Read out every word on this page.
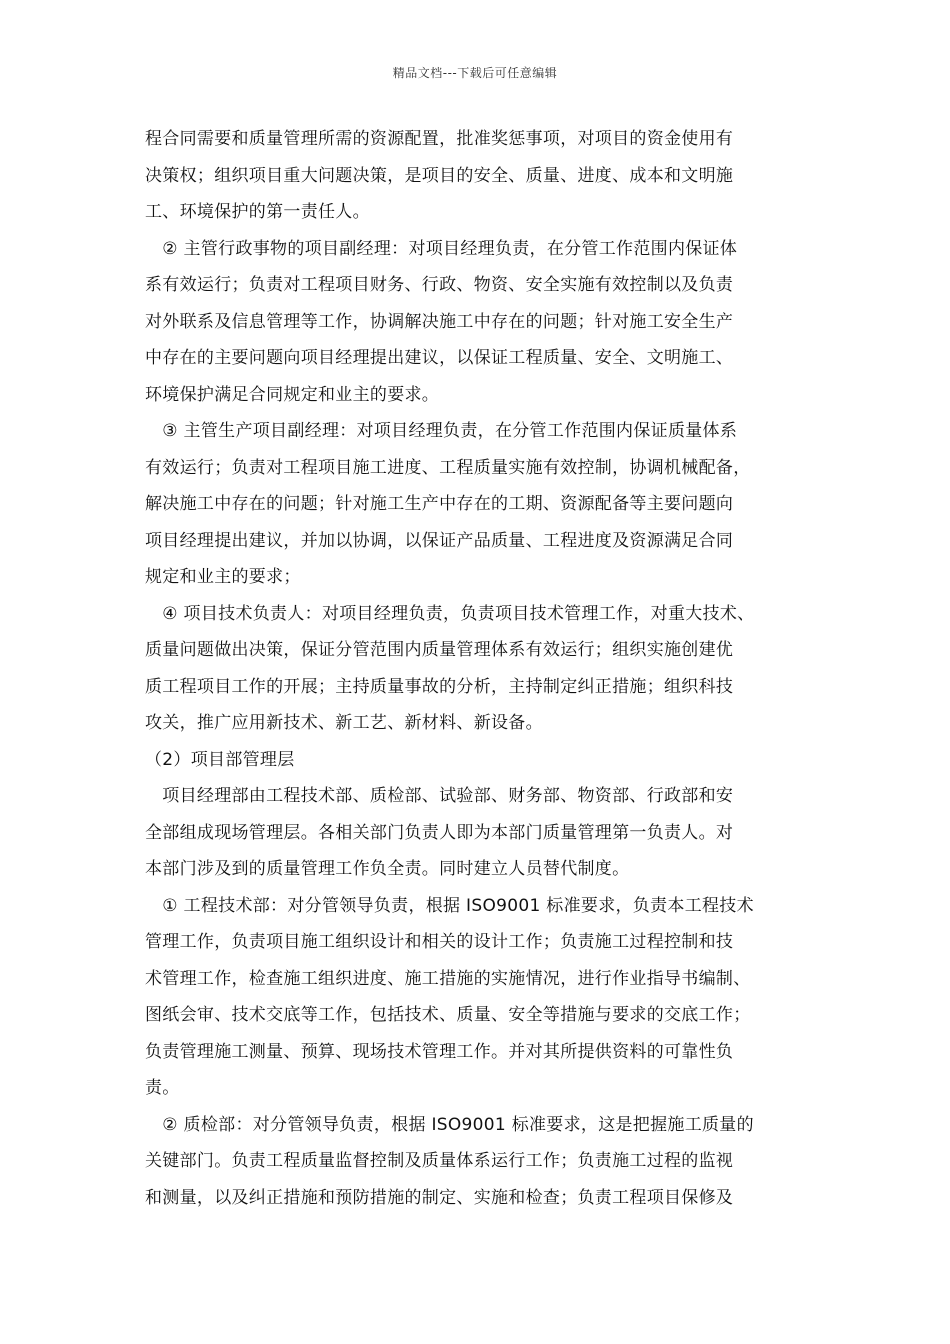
精品文档---下载后可任意编辑
程合同需要和质量管理所需的资源配置，批准奖惩事项，对项目的资金使用有
决策权；组织项目重大问题决策，是项目的安全、质量、进度、成本和文明施
工、环境保护的第一责任人。
　② 主管行政事物的项目副经理：对项目经理负责，在分管工作范围内保证体
系有效运行；负责对工程项目财务、行政、物资、安全实施有效控制以及负责
对外联系及信息管理等工作，协调解决施工中存在的问题；针对施工安全生产
中存在的主要问题向项目经理提出建议，以保证工程质量、安全、文明施工、
环境保护满足合同规定和业主的要求。
　③ 主管生产项目副经理：对项目经理负责，在分管工作范围内保证质量体系
有效运行；负责对工程项目施工进度、工程质量实施有效控制，协调机械配备，
解决施工中存在的问题；针对施工生产中存在的工期、资源配备等主要问题向
项目经理提出建议，并加以协调，以保证产品质量、工程进度及资源满足合同
规定和业主的要求；
　④ 项目技术负责人：对项目经理负责，负责项目技术管理工作，对重大技术、
质量问题做出决策，保证分管范围内质量管理体系有效运行；组织实施创建优
质工程项目工作的开展；主持质量事故的分析，主持制定纠正措施；组织科技
攻关，推广应用新技术、新工艺、新材料、新设备。
（2）项目部管理层
　项目经理部由工程技术部、质检部、试验部、财务部、物资部、行政部和安
全部组成现场管理层。各相关部门负责人即为本部门质量管理第一负责人。对
本部门涉及到的质量管理工作负全责。同时建立人员替代制度。
　① 工程技术部：对分管领导负责，根据 ISO9001 标准要求，负责本工程技术
管理工作，负责项目施工组织设计和相关的设计工作；负责施工过程控制和技
术管理工作，检查施工组织进度、施工措施的实施情况，进行作业指导书编制、
图纸会审、技术交底等工作，包括技术、质量、安全等措施与要求的交底工作；
负责管理施工测量、预算、现场技术管理工作。并对其所提供资料的可靠性负
责。
　② 质检部：对分管领导负责，根据 ISO9001 标准要求，这是把握施工质量的
关键部门。负责工程质量监督控制及质量体系运行工作；负责施工过程的监视
和测量，以及纠正措施和预防措施的制定、实施和检查；负责工程项目保修及
